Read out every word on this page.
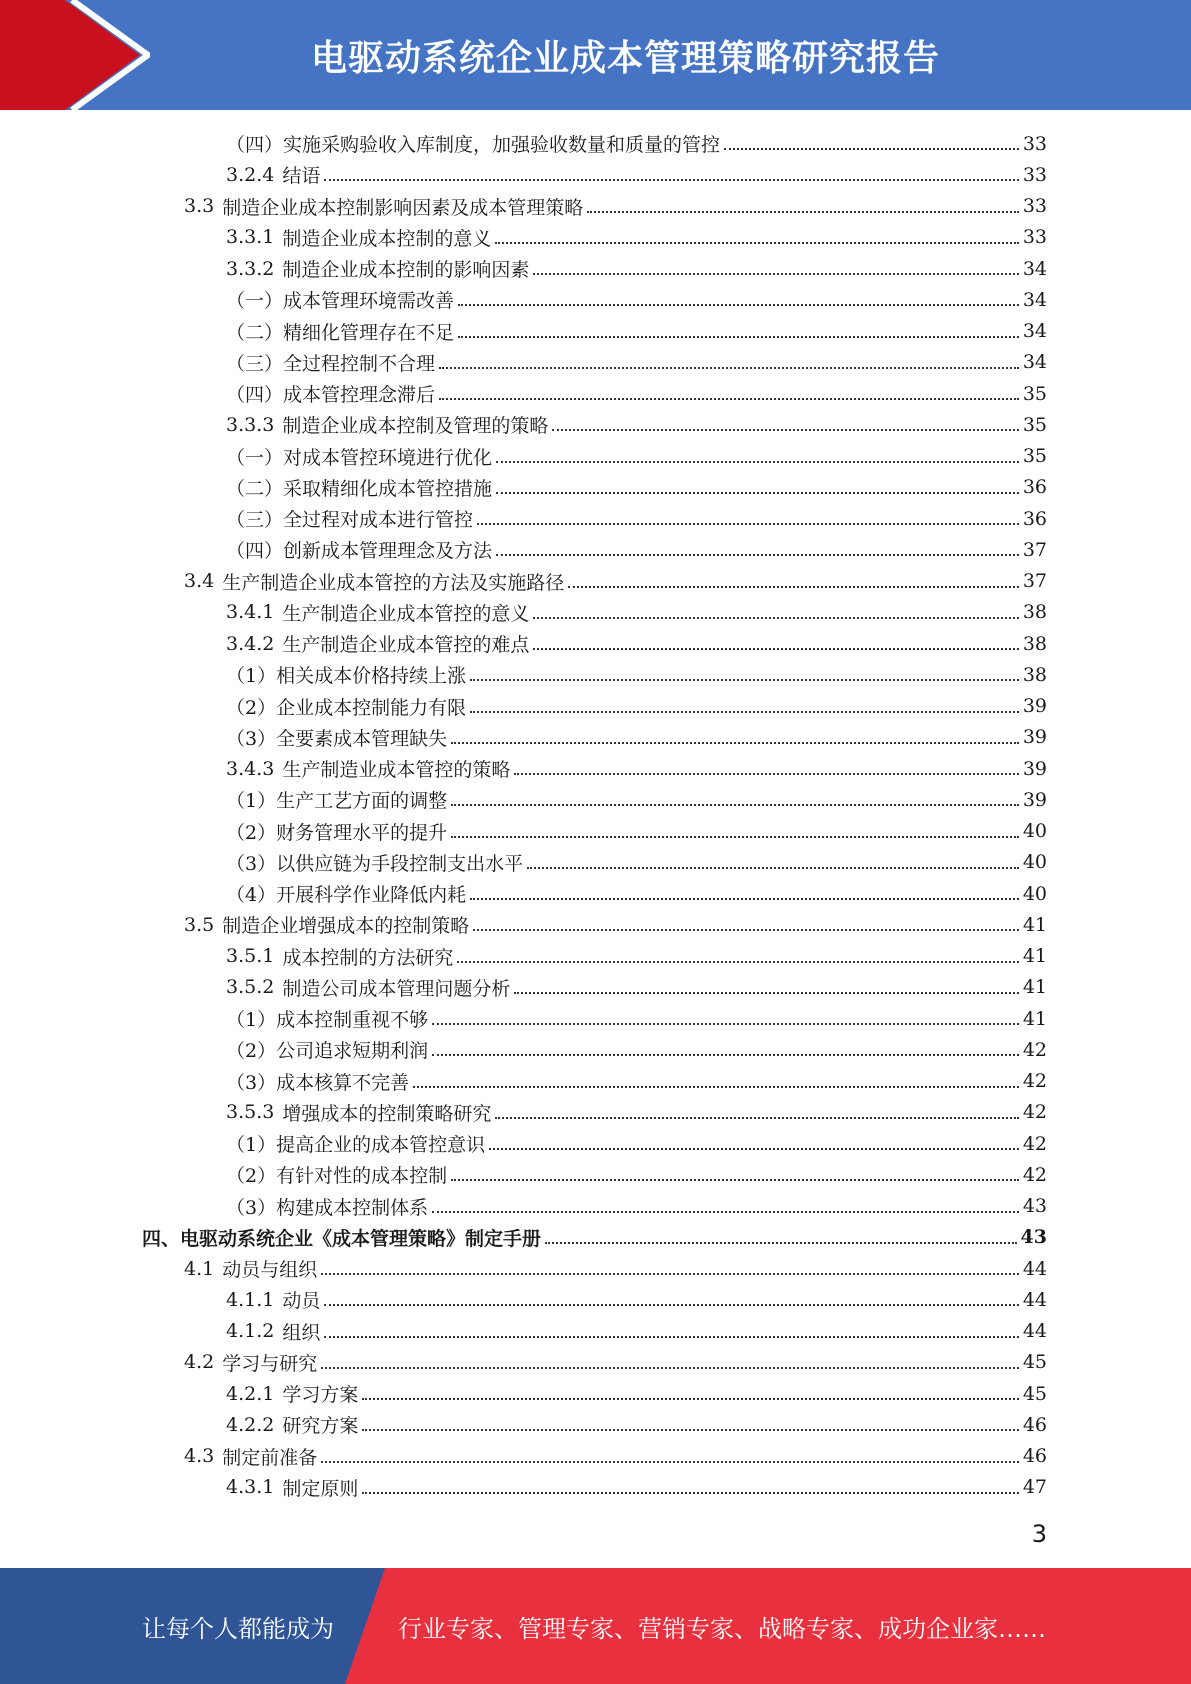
电驱动系统企业成本管理策略研究报告
（四）实施采购验收入库制度，加强验收数量和质量的管控	33
3.2.4 结语	33
3.3 制造企业成本控制影响因素及成本管理策略	33
3.3.1 制造企业成本控制的意义	33
3.3.2 制造企业成本控制的影响因素	34
（一）成本管理环境需改善	34
（二）精细化管理存在不足	34
（三）全过程控制不合理	34
（四）成本管控理念滞后	35
3.3.3 制造企业成本控制及管理的策略	35
（一）对成本管控环境进行优化	35
（二）采取精细化成本管控措施	36
（三）全过程对成本进行管控	36
（四）创新成本管理理念及方法	37
3.4 生产制造企业成本管控的方法及实施路径	37
3.4.1 生产制造企业成本管控的意义	38
3.4.2 生产制造企业成本管控的难点	38
（1）相关成本价格持续上涨	38
（2）企业成本控制能力有限	39
（3）全要素成本管理缺失	39
3.4.3 生产制造业成本管控的策略	39
（1）生产工艺方面的调整	39
（2）财务管理水平的提升	40
（3）以供应链为手段控制支出水平	40
（4）开展科学作业降低内耗	40
3.5 制造企业增强成本的控制策略	41
3.5.1 成本控制的方法研究	41
3.5.2 制造公司成本管理问题分析	41
（1）成本控制重视不够	41
（2）公司追求短期利润	42
（3）成本核算不完善	42
3.5.3 增强成本的控制策略研究	42
（1）提高企业的成本管控意识	42
（2）有针对性的成本控制	42
（3）构建成本控制体系	43
四、电驱动系统企业《成本管理策略》制定手册	43
4.1 动员与组织	44
4.1.1 动员	44
4.1.2 组织	44
4.2 学习与研究	45
4.2.1 学习方案	45
4.2.2 研究方案	46
4.3 制定前准备	46
4.3.1 制定原则	47
3
让每个人都能成为	行业专家、管理专家、营销专家、战略专家、成功企业家……
